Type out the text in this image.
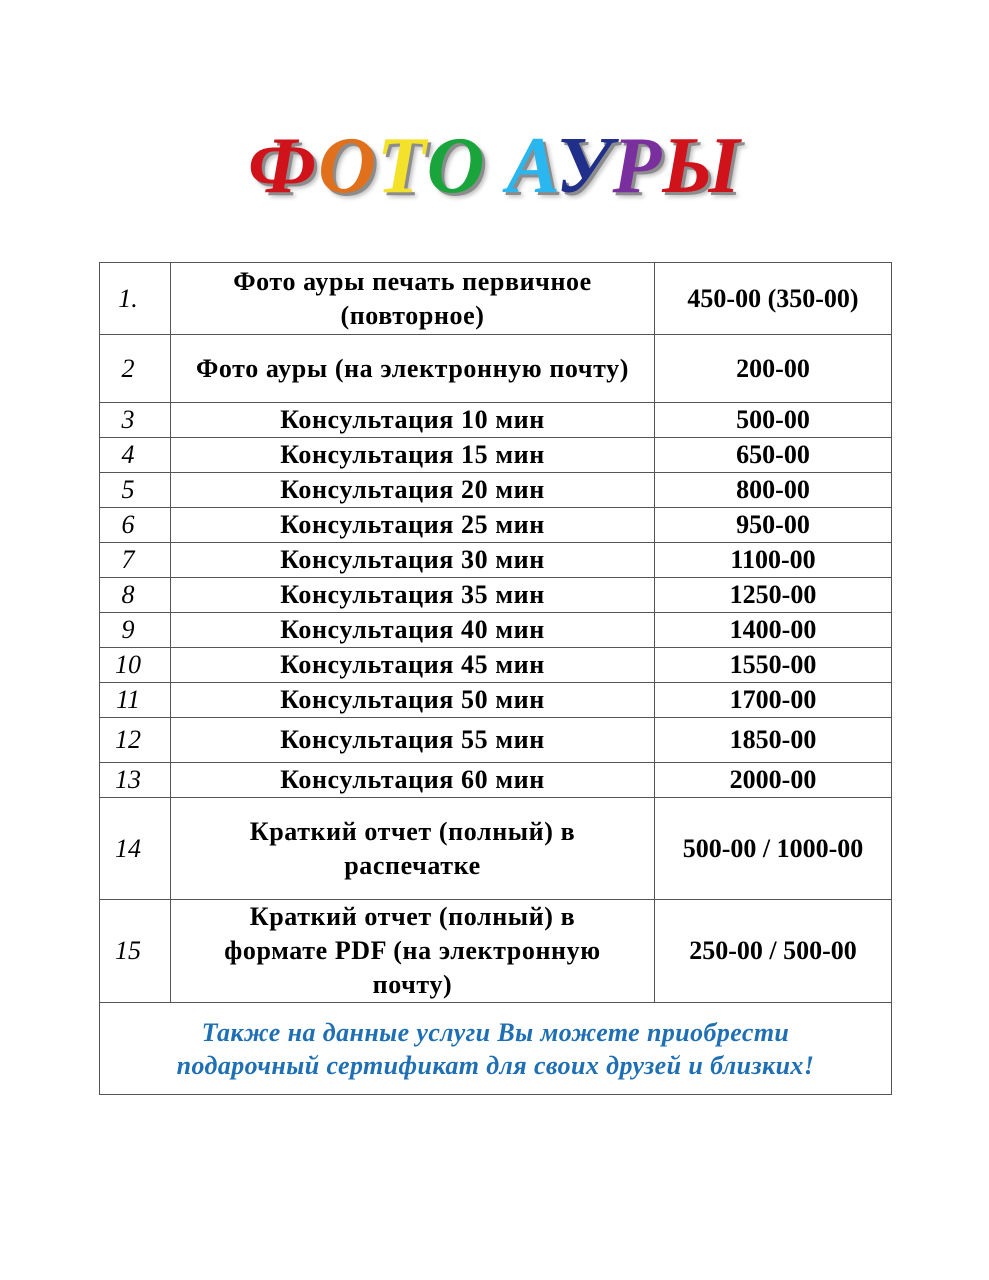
ФОТО АУРЫ
1.	Фото ауры печать первичное (повторное)	450-00 (350-00)
2	Фото ауры (на электронную почту)	200-00
3	Консультация 10 мин	500-00
4	Консультация 15 мин	650-00
5	Консультация 20 мин	800-00
6	Консультация 25 мин	950-00
7	Консультация 30 мин	1100-00
8	Консультация 35 мин	1250-00
9	Консультация 40 мин	1400-00
10	Консультация 45 мин	1550-00
11	Консультация 50 мин	1700-00
12	Консультация 55 мин	1850-00
13	Консультация 60 мин	2000-00
14	Краткий отчет (полный) в распечатке	500-00 / 1000-00
15	Краткий отчет (полный) в формате PDF (на электронную почту)	250-00 / 500-00
Также на данные услуги Вы можете приобрести подарочный сертификат для своих друзей и близких!		
